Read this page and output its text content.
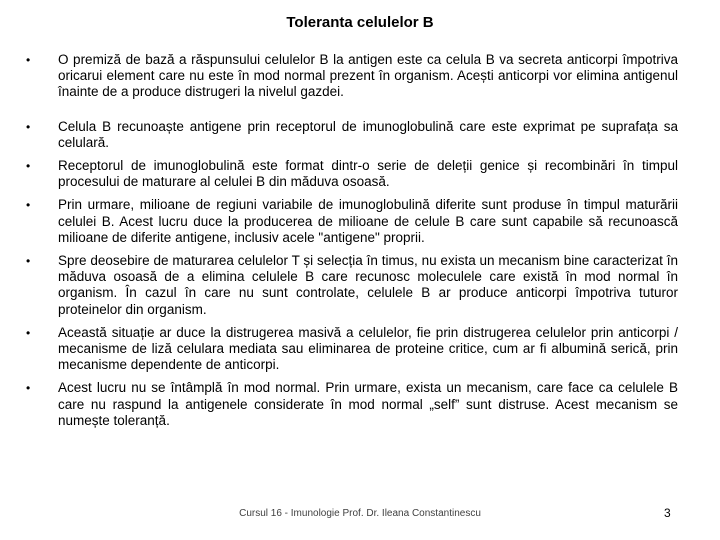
Toleranta celulelor B
• O premiză de bază a răspunsului celulelor B la antigen este ca celula B va secreta anticorpi împotriva oricarui element care nu este în mod normal prezent în organism. Acești anticorpi vor elimina antigenul înainte de a produce distrugeri la nivelul gazdei.
• Celula B recunoaște antigene prin receptorul de imunoglobulină care este exprimat pe suprafața sa celulară.
• Receptorul de imunoglobulină este format dintr-o serie de deleții genice și recombinări în timpul procesului de maturare al celulei B din măduva osoasă.
• Prin urmare, milioane de regiuni variabile de imunoglobulină diferite sunt produse în timpul maturării celulei B. Acest lucru duce la producerea de milioane de celule B care sunt capabile să recunoască milioane de diferite antigene, inclusiv acele "antigene" proprii.
• Spre deosebire de maturarea celulelor T și selecția în timus, nu exista un mecanism bine caracterizat în măduva osoasă de a elimina celulele B care recunosc moleculele care există în mod normal în organism. În cazul în care nu sunt controlate, celulele B ar produce anticorpi împotriva tuturor proteinelor din organism.
• Această situație ar duce la distrugerea masivă a celulelor, fie prin distrugerea celulelor prin anticorpi / mecanisme de liză celulara mediata sau eliminarea de proteine critice, cum ar fi albumină serică, prin mecanisme dependente de anticorpi.
• Acest lucru nu se întâmplă în mod normal. Prin urmare, exista un mecanism, care face ca celulele B care nu raspund la antigenele considerate în mod normal „self” sunt distruse. Acest mecanism se numește toleranță.
Cursul 16 - Imunologie Prof. Dr. Ileana Constantinescu	3
